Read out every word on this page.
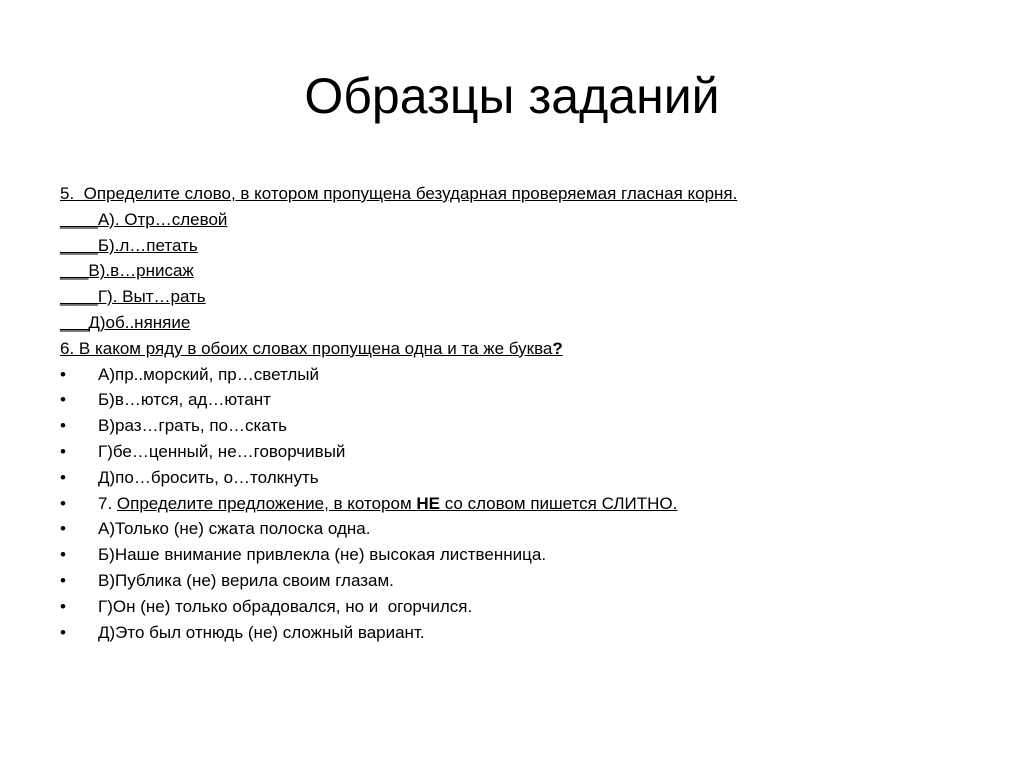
Образцы заданий
5.  Определите слово, в котором пропущена безударная проверяемая гласная корня.
____А). Отр…слевой
____Б).л…петать
___В).в…рнисаж
____Г). Выт…рать
___Д)об..няняие
6. В каком ряду в обоих словах пропущена одна и та же буква?
• А)пр..морский, пр…светлый
• Б)в…ются, ад…ютант
• В)раз…грать, по…скать
• Г)бе…ценный, не…говорчивый
• Д)по…бросить, о…толкнуть
• 7. Определите предложение, в котором НЕ со словом пишется СЛИТНО.
• А)Только (не) сжата полоска одна.
• Б)Наше внимание привлекла (не) высокая лиственница.
• В)Публика (не) верила своим глазам.
• Г)Он (не) только обрадовался, но и  огорчился.
• Д)Это был отнюдь (не) сложный вариант.
